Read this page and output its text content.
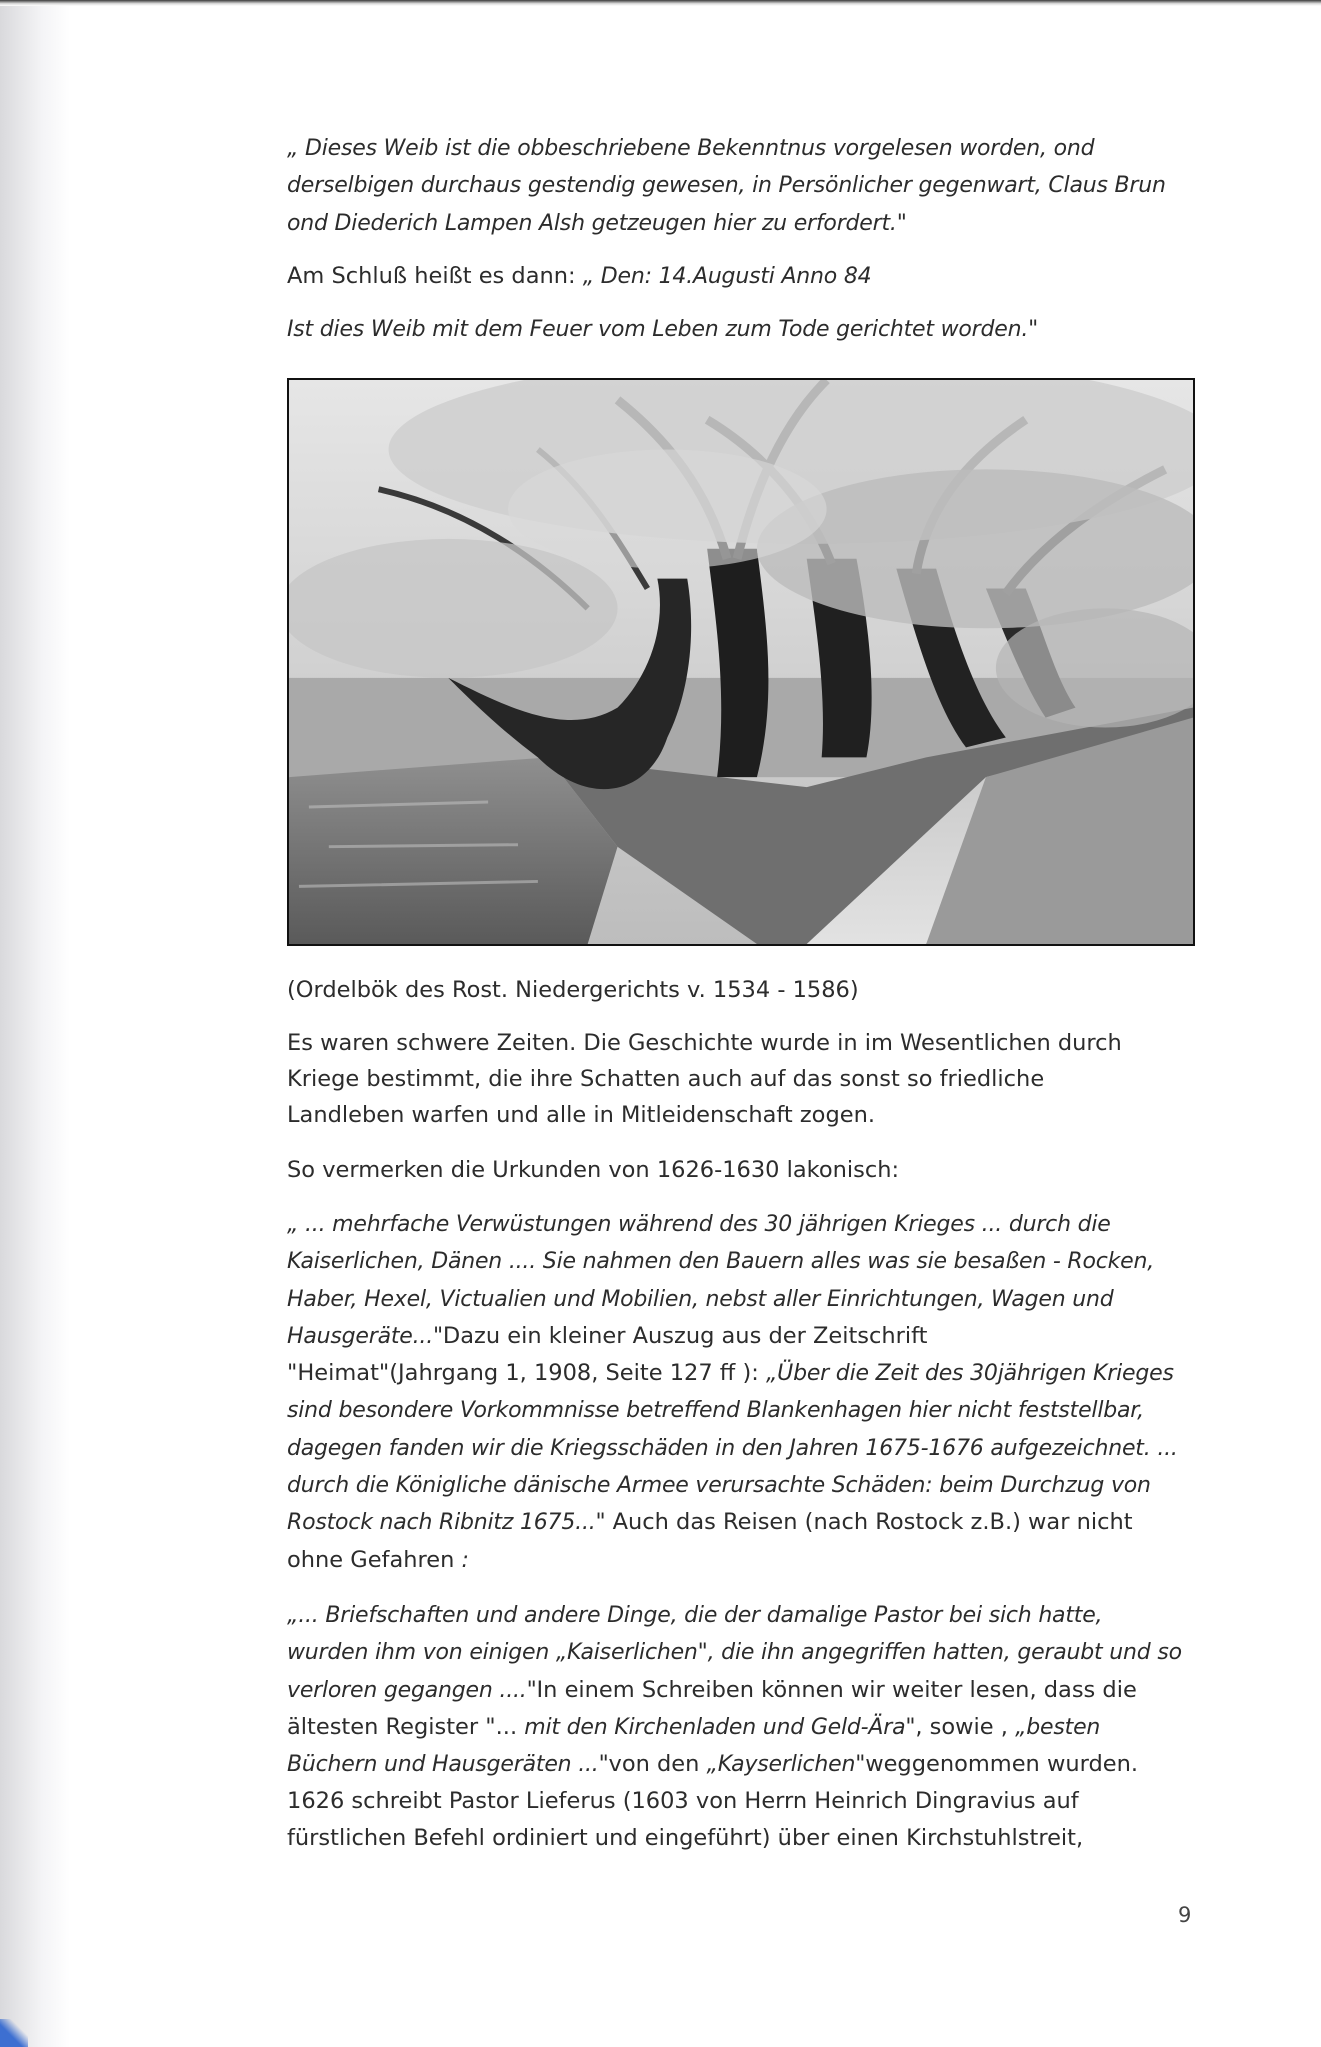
„ Dieses Weib ist die obbeschriebene Bekenntnus vorgelesen worden, ond

derselbigen durchaus gestendig gewesen, in Persönlicher gegenwart, Claus Brun

ond Diederich Lampen Alsh getzeugen hier zu erfordert."

Am Schluß heißt es dann: „ Den: 14.Augusti Anno 84

Ist dies Weib mit dem Feuer vom Leben zum Tode gerichtet worden."

(Ordelbök des Rost. Niedergerichts v. 1534 - 1586)

Es waren schwere Zeiten. Die Geschichte wurde in im Wesentlichen durch

Kriege bestimmt, die ihre Schatten auch auf das sonst so friedliche

Landleben warfen und alle in Mitleidenschaft zogen.

So vermerken die Urkunden von 1626-1630 lakonisch:

„ ... mehrfache Verwüstungen während des 30 jährigen Krieges ... durch die

Kaiserlichen, Dänen .... Sie nahmen den Bauern alles was sie besaßen - Rocken,

Haber, Hexel, Victualien und Mobilien, nebst aller Einrichtungen, Wagen und

Hausgeräte..."Dazu ein kleiner Auszug aus der Zeitschrift

"Heimat"(Jahrgang 1, 1908, Seite 127 ff ): „Über die Zeit des 30jährigen Krieges

sind besondere Vorkommnisse betreffend Blankenhagen hier nicht feststellbar,

dagegen fanden wir die Kriegsschäden in den Jahren 1675-1676 aufgezeichnet. ...

durch die Königliche dänische Armee verursachte Schäden: beim Durchzug von

Rostock nach Ribnitz 1675..." Auch das Reisen (nach Rostock z.B.) war nicht

ohne Gefahren :

„... Briefschaften und andere Dinge, die der damalige Pastor bei sich hatte,

wurden ihm von einigen „Kaiserlichen", die ihn angegriffen hatten, geraubt und so

verloren gegangen ...."In einem Schreiben können wir weiter lesen, dass die

ältesten Register "... mit den Kirchenladen und Geld-Ära", sowie , „besten

Büchern und Hausgeräten ..."von den „Kayserlichen"weggenommen wurden.

1626 schreibt Pastor Lieferus (1603 von Herrn Heinrich Dingravius auf

fürstlichen Befehl ordiniert und eingeführt) über einen Kirchstuhlstreit,

9
